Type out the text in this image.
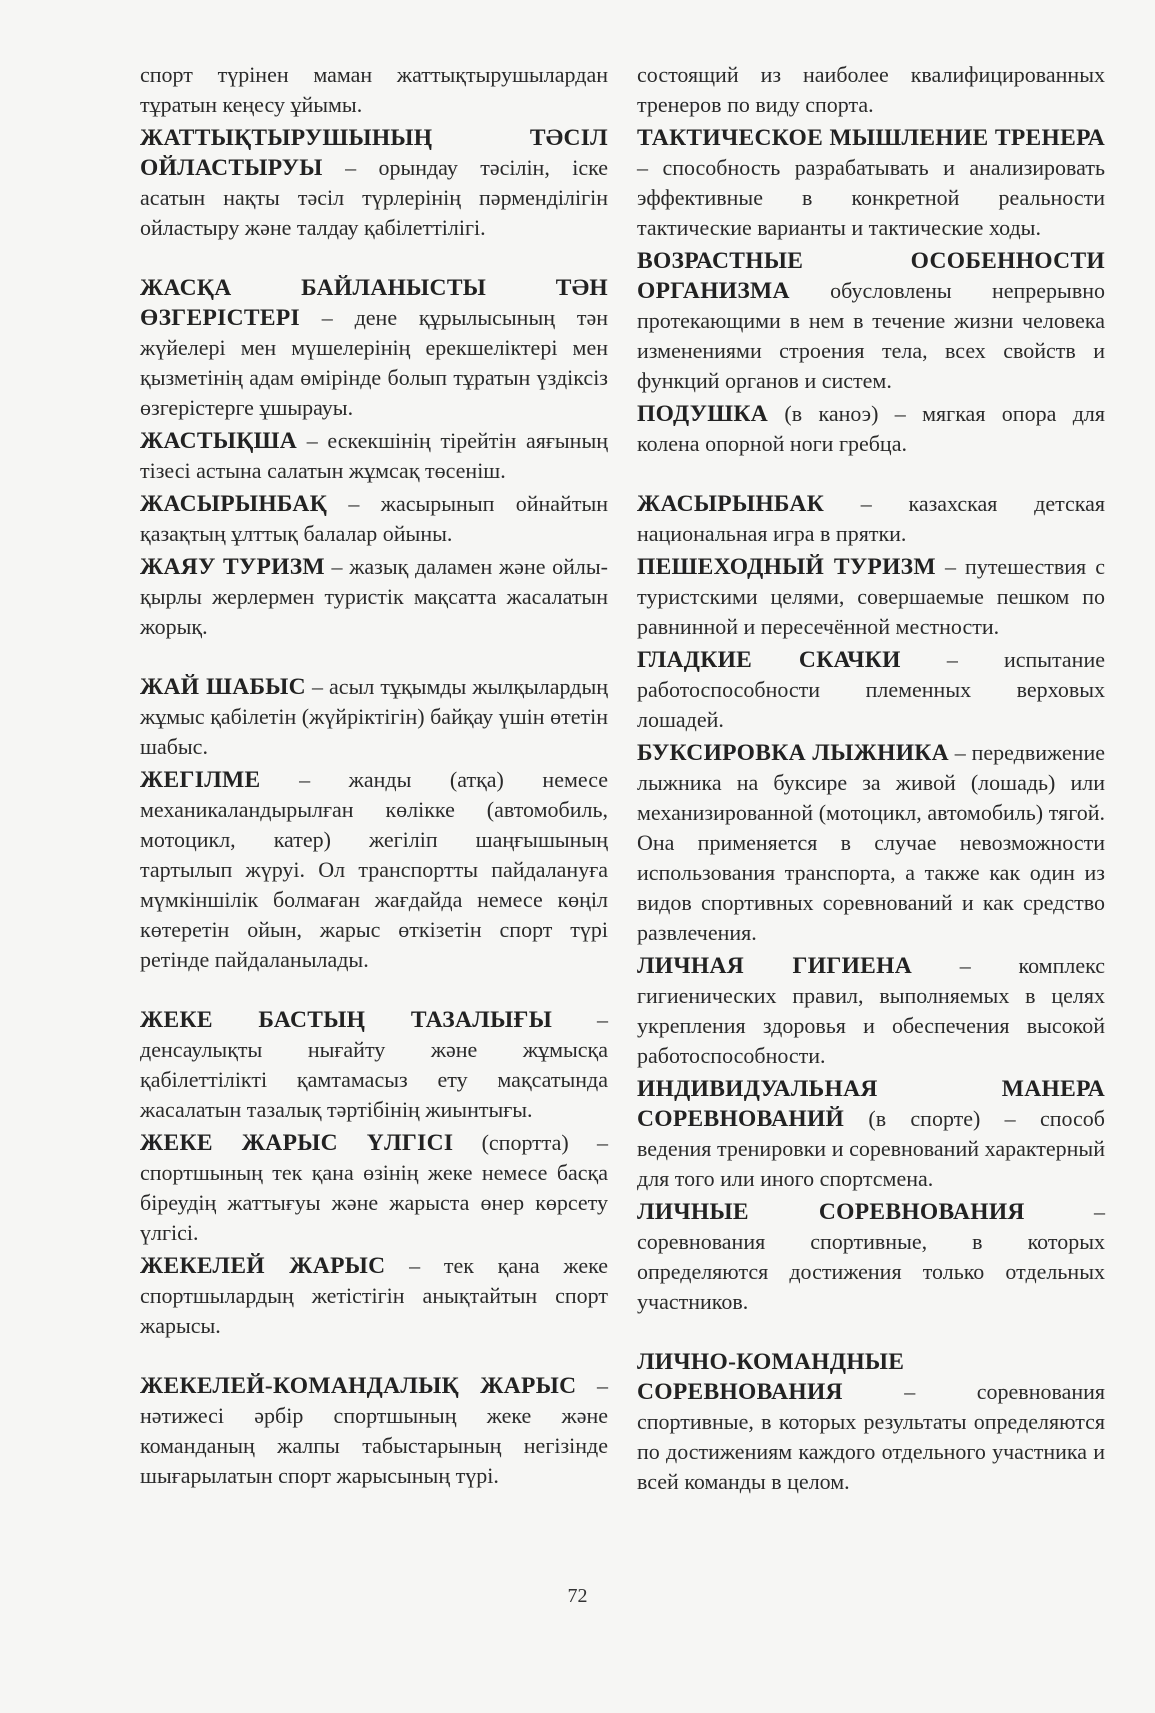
спорт түрінен маман жаттықтырушылардан тұратын кеңесу ұйымы.

ЖАТТЫҚТЫРУШЫНЫҢ ТӘСІЛ ОЙЛАСТЫРУЫ – орындау тәсілін, іске асатын нақты тәсіл түрлерінің пәрменділігін ойластыру және талдау қабілеттілігі.

ЖАСҚА БАЙЛАНЫСТЫ ТӘН ӨЗГЕРІСТЕРІ – дене құрылысының тән жүйелері мен мүшелерінің ерекшеліктері мен қызметінің адам өмірінде болып тұратын үздіксіз өзгерістерге ұшырауы.

ЖАСТЫҚША – ескекшінің тірейтін аяғының тізесі астына салатын жұмсақ төсеніш.

ЖАСЫРЫНБАҚ – жасырынып ойнайтын қазақтың ұлттық балалар ойыны.

ЖАЯУ ТУРИЗМ – жазық даламен және ойлы-қырлы жерлермен туристік мақсатта жасалатын жорық.

ЖАЙ ШАБЫС – асыл тұқымды жылқылардың жұмыс қабілетін (жүйріктігін) байқау үшін өтетін шабыс.

ЖЕГІЛМЕ – жанды (атқа) немесе механикаландырылған көлікке (автомобиль, мотоцикл, катер) жегіліп шаңғышының тартылып жүруі. Ол транспортты пайдалануға мүмкіншілік болмаған жағдайда немесе көңіл көтеретін ойын, жарыс өткізетін спорт түрі ретінде пайдаланылады.

ЖЕКЕ БАСТЫҢ ТАЗАЛЫҒЫ – денсаулықты нығайту және жұмысқа қабілеттілікті қамтамасыз ету мақсатында жасалатын тазалық тәртібінің жиынтығы.

ЖЕКЕ ЖАРЫС ҮЛГІСІ (спортта) – спортшының тек қана өзінің жеке немесе басқа біреудің жаттығуы және жарыста өнер көрсету үлгісі.

ЖЕКЕЛЕЙ ЖАРЫС – тек қана жеке спортшылардың жетістігін анықтайтын спорт жарысы.

ЖЕКЕЛЕЙ-КОМАНДАЛЫҚ ЖАРЫС – нәтижесі әрбір спортшының жеке және команданың жалпы табыстарының негізінде шығарылатын спорт жарысының түрі.

состоящий из наиболее квалифицированных тренеров по виду спорта.

ТАКТИЧЕСКОЕ МЫШЛЕНИЕ ТРЕНЕРА – способность разрабатывать и анализировать эффективные в конкретной реальности тактические варианты и тактические ходы.

ВОЗРАСТНЫЕ ОСОБЕННОСТИ ОРГАНИЗМА обусловлены непрерывно протекающими в нем в течение жизни человека изменениями строения тела, всех свойств и функций органов и систем.

ПОДУШКА (в каноэ) – мягкая опора для колена опорной ноги гребца.

ЖАСЫРЫНБАК – казахская детская национальная игра в прятки.

ПЕШЕХОДНЫЙ ТУРИЗМ – путешествия с туристскими целями, совершаемые пешком по равнинной и пересечённой местности.

ГЛАДКИЕ СКАЧКИ – испытание работоспособности племенных верховых лошадей.

БУКСИРОВКА ЛЫЖНИКА – передвижение лыжника на буксире за живой (лошадь) или механизированной (мотоцикл, автомобиль) тягой. Она применяется в случае невозможности использования транспорта, а также как один из видов спортивных соревнований и как средство развлечения.

ЛИЧНАЯ ГИГИЕНА – комплекс гигиенических правил, выполняемых в целях укрепления здоровья и обеспечения высокой работоспособности.

ИНДИВИДУАЛЬНАЯ МАНЕРА СОРЕВНОВАНИЙ (в спорте) – способ ведения тренировки и соревнований характерный для того или иного спортсмена.

ЛИЧНЫЕ СОРЕВНОВАНИЯ – соревнования спортивные, в которых определяются достижения только отдельных участников.

ЛИЧНО-КОМАНДНЫЕ СОРЕВНОВАНИЯ – соревнования спортивные, в которых результаты определяются по достижениям каждого отдельного участника и всей команды в целом.

72
